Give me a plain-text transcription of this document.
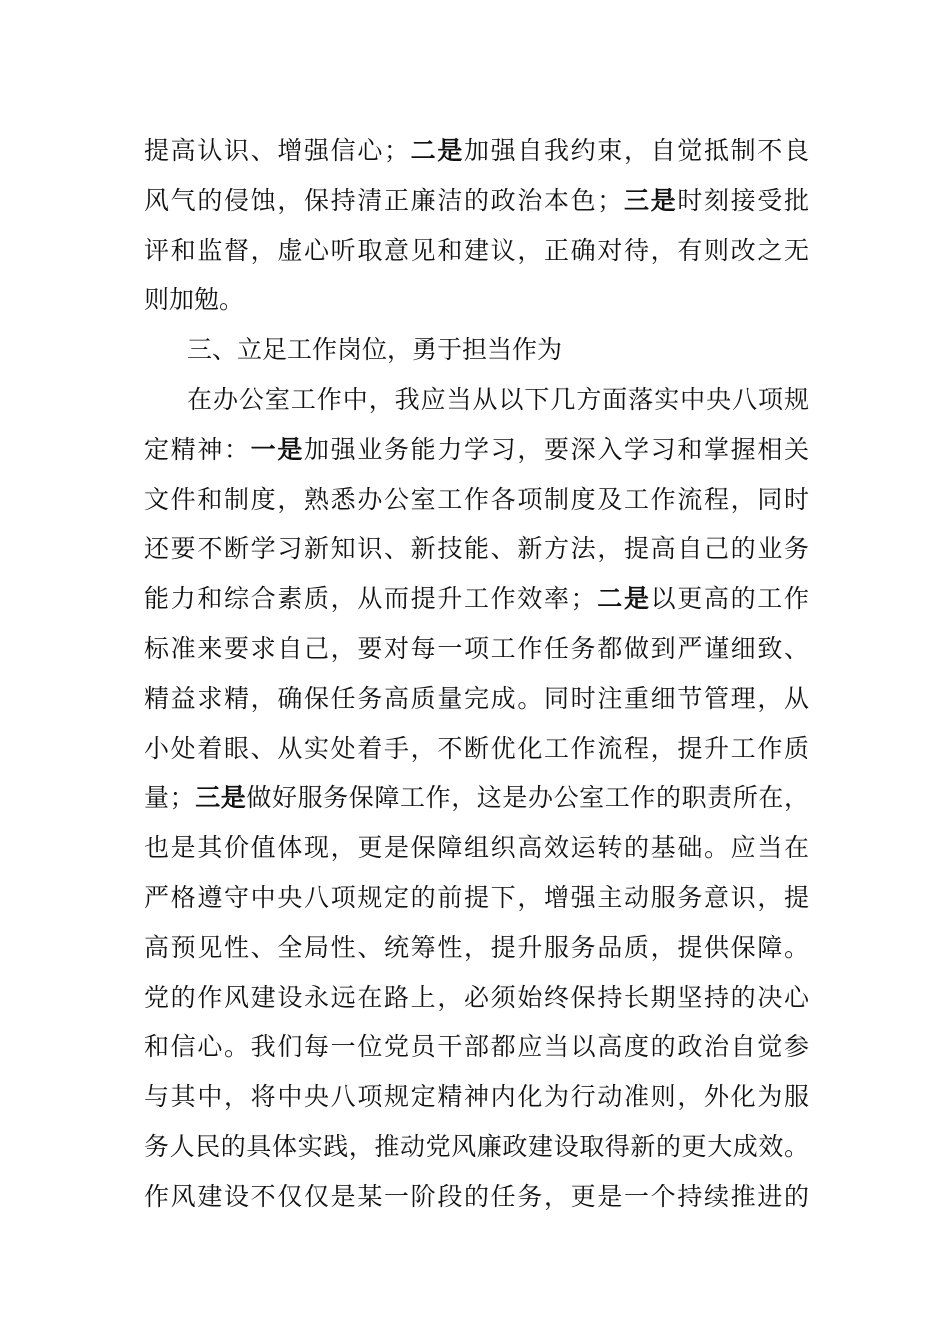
提高认识、增强信心；二是加强自我约束，自觉抵制不良
风气的侵蚀，保持清正廉洁的政治本色；三是时刻接受批
评和监督，虚心听取意见和建议，正确对待，有则改之无
则加勉。
三、立足工作岗位，勇于担当作为
在办公室工作中，我应当从以下几方面落实中央八项规
定精神：一是加强业务能力学习，要深入学习和掌握相关
文件和制度，熟悉办公室工作各项制度及工作流程，同时
还要不断学习新知识、新技能、新方法，提高自己的业务
能力和综合素质，从而提升工作效率；二是以更高的工作
标准来要求自己，要对每一项工作任务都做到严谨细致、
精益求精，确保任务高质量完成。同时注重细节管理，从
小处着眼、从实处着手，不断优化工作流程，提升工作质
量；三是做好服务保障工作，这是办公室工作的职责所在，
也是其价值体现，更是保障组织高效运转的基础。应当在
严格遵守中央八项规定的前提下，增强主动服务意识，提
高预见性、全局性、统筹性，提升服务品质，提供保障。
党的作风建设永远在路上，必须始终保持长期坚持的决心
和信心。我们每一位党员干部都应当以高度的政治自觉参
与其中，将中央八项规定精神内化为行动准则，外化为服
务人民的具体实践，推动党风廉政建设取得新的更大成效。
作风建设不仅仅是某一阶段的任务，更是一个持续推进的
